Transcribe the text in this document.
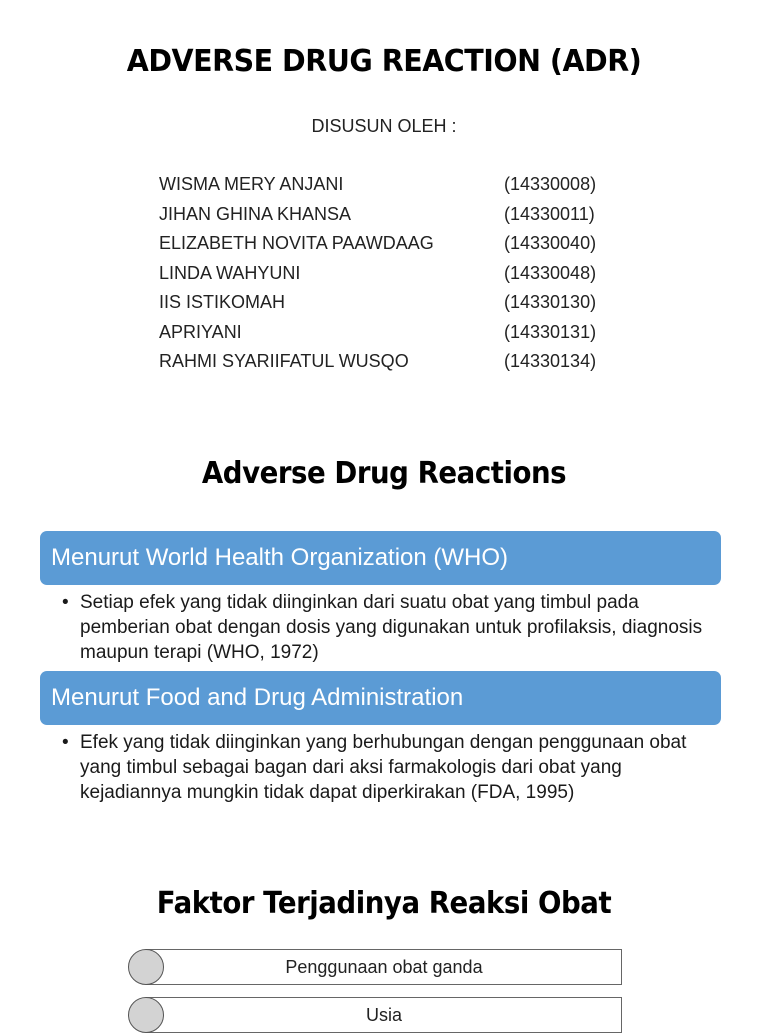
ADVERSE DRUG REACTION (ADR)
DISUSUN OLEH :
WISMA MERY ANJANI	(14330008)
JIHAN GHINA KHANSA	(14330011)
ELIZABETH NOVITA PAAWDAAG	(14330040)
LINDA WAHYUNI	(14330048)
IIS ISTIKOMAH	(14330130)
APRIYANI	(14330131)
RAHMI SYARIIFATUL WUSQO	(14330134)
Adverse Drug Reactions
Menurut World Health Organization (WHO)
• Setiap efek yang tidak diinginkan dari suatu obat yang timbul pada pemberian obat dengan dosis yang digunakan untuk profilaksis, diagnosis maupun terapi (WHO, 1972)
Menurut Food and Drug Administration
• Efek yang tidak diinginkan yang berhubungan dengan penggunaan obat yang timbul sebagai bagan dari aksi farmakologis dari obat yang kejadiannya mungkin tidak dapat diperkirakan (FDA, 1995)
Faktor Terjadinya Reaksi Obat
Penggunaan obat ganda
Usia
